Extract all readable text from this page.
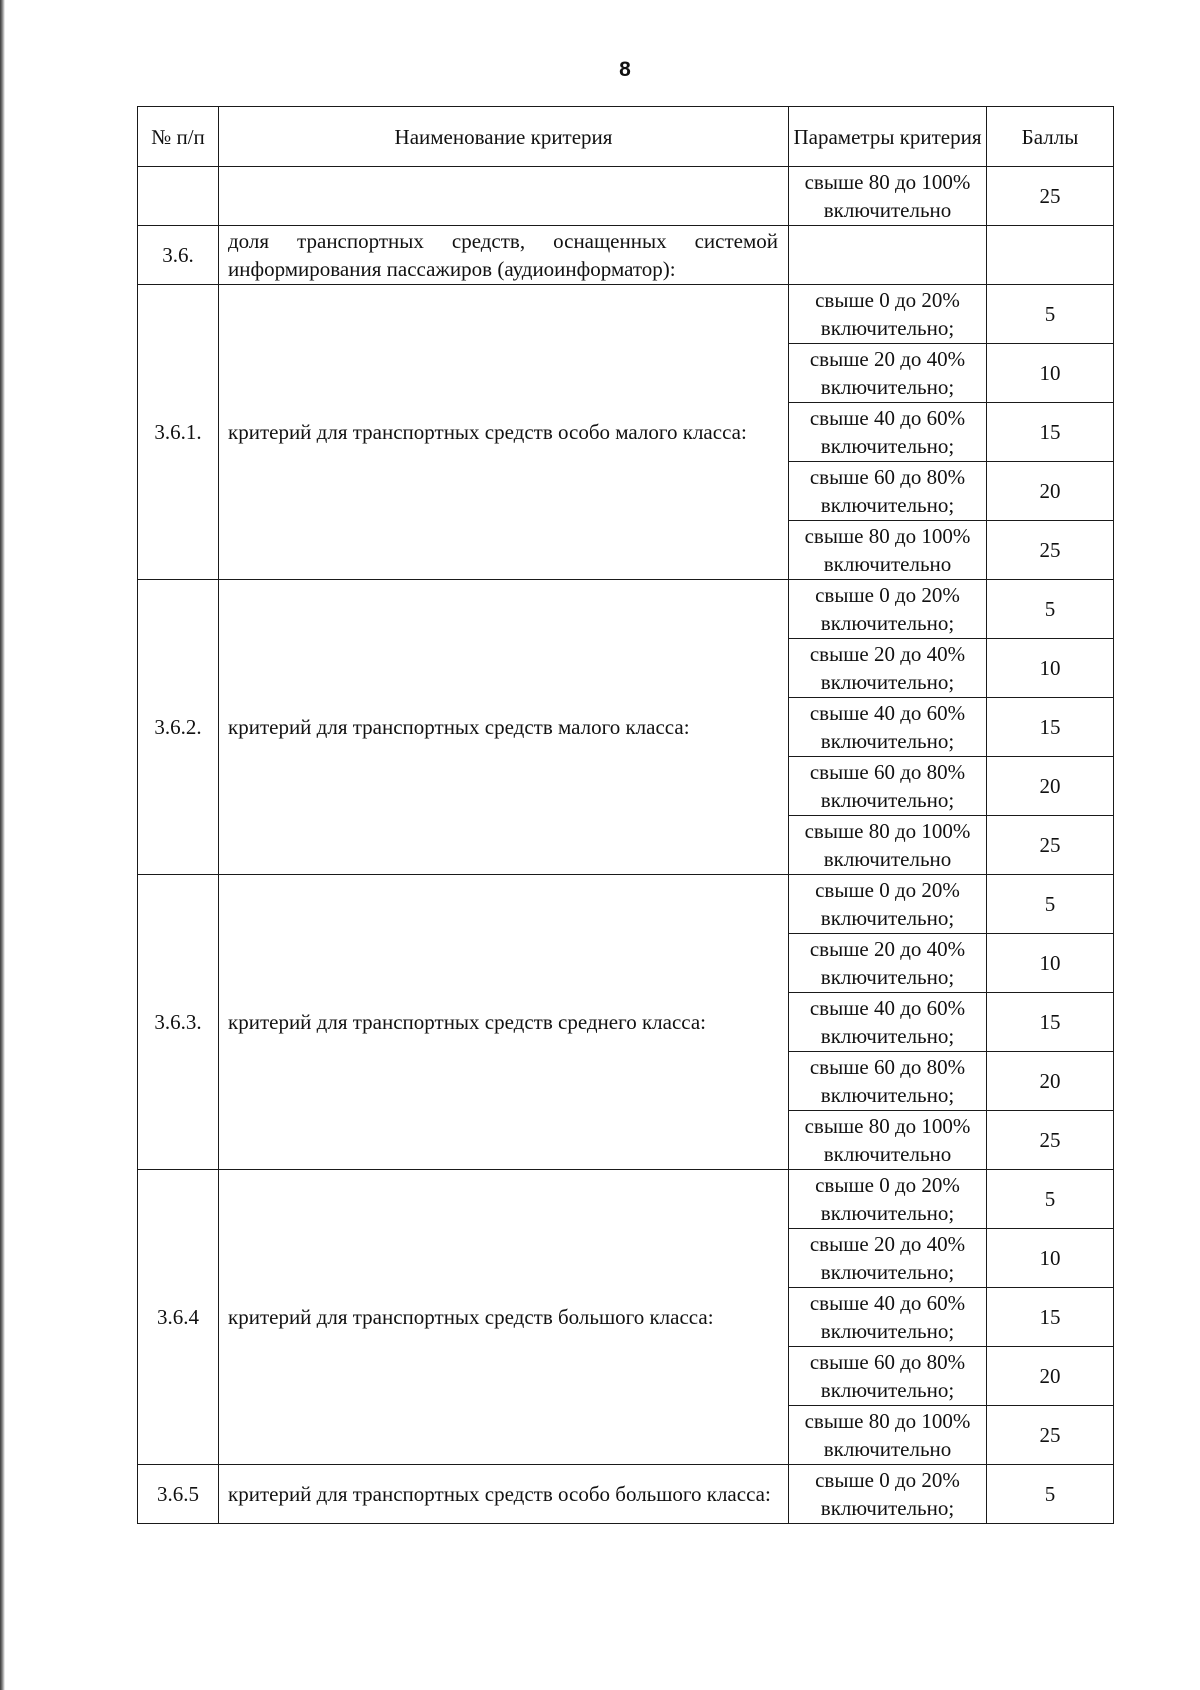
8
№ п/п	Наименование критерия	Параметры критерия	Баллы
		свыше 80 до 100% включительно	25
3.6.	доля транспортных средств, оснащенных системой информирования пассажиров (аудиоинформатор):		
3.6.1.	критерий для транспортных средств особо малого класса:	свыше 0 до 20% включительно;	5
		свыше 20 до 40% включительно;	10
		свыше 40 до 60% включительно;	15
		свыше 60 до 80% включительно;	20
		свыше 80 до 100% включительно	25
3.6.2.	критерий для транспортных средств малого класса:	свыше 0 до 20% включительно;	5
		свыше 20 до 40% включительно;	10
		свыше 40 до 60% включительно;	15
		свыше 60 до 80% включительно;	20
		свыше 80 до 100% включительно	25
3.6.3.	критерий для транспортных средств среднего класса:	свыше 0 до 20% включительно;	5
		свыше 20 до 40% включительно;	10
		свыше 40 до 60% включительно;	15
		свыше 60 до 80% включительно;	20
		свыше 80 до 100% включительно	25
3.6.4	критерий для транспортных средств большого класса:	свыше 0 до 20% включительно;	5
		свыше 20 до 40% включительно;	10
		свыше 40 до 60% включительно;	15
		свыше 60 до 80% включительно;	20
		свыше 80 до 100% включительно	25
3.6.5	критерий для транспортных средств особо большого класса:	свыше 0 до 20% включительно;	5
